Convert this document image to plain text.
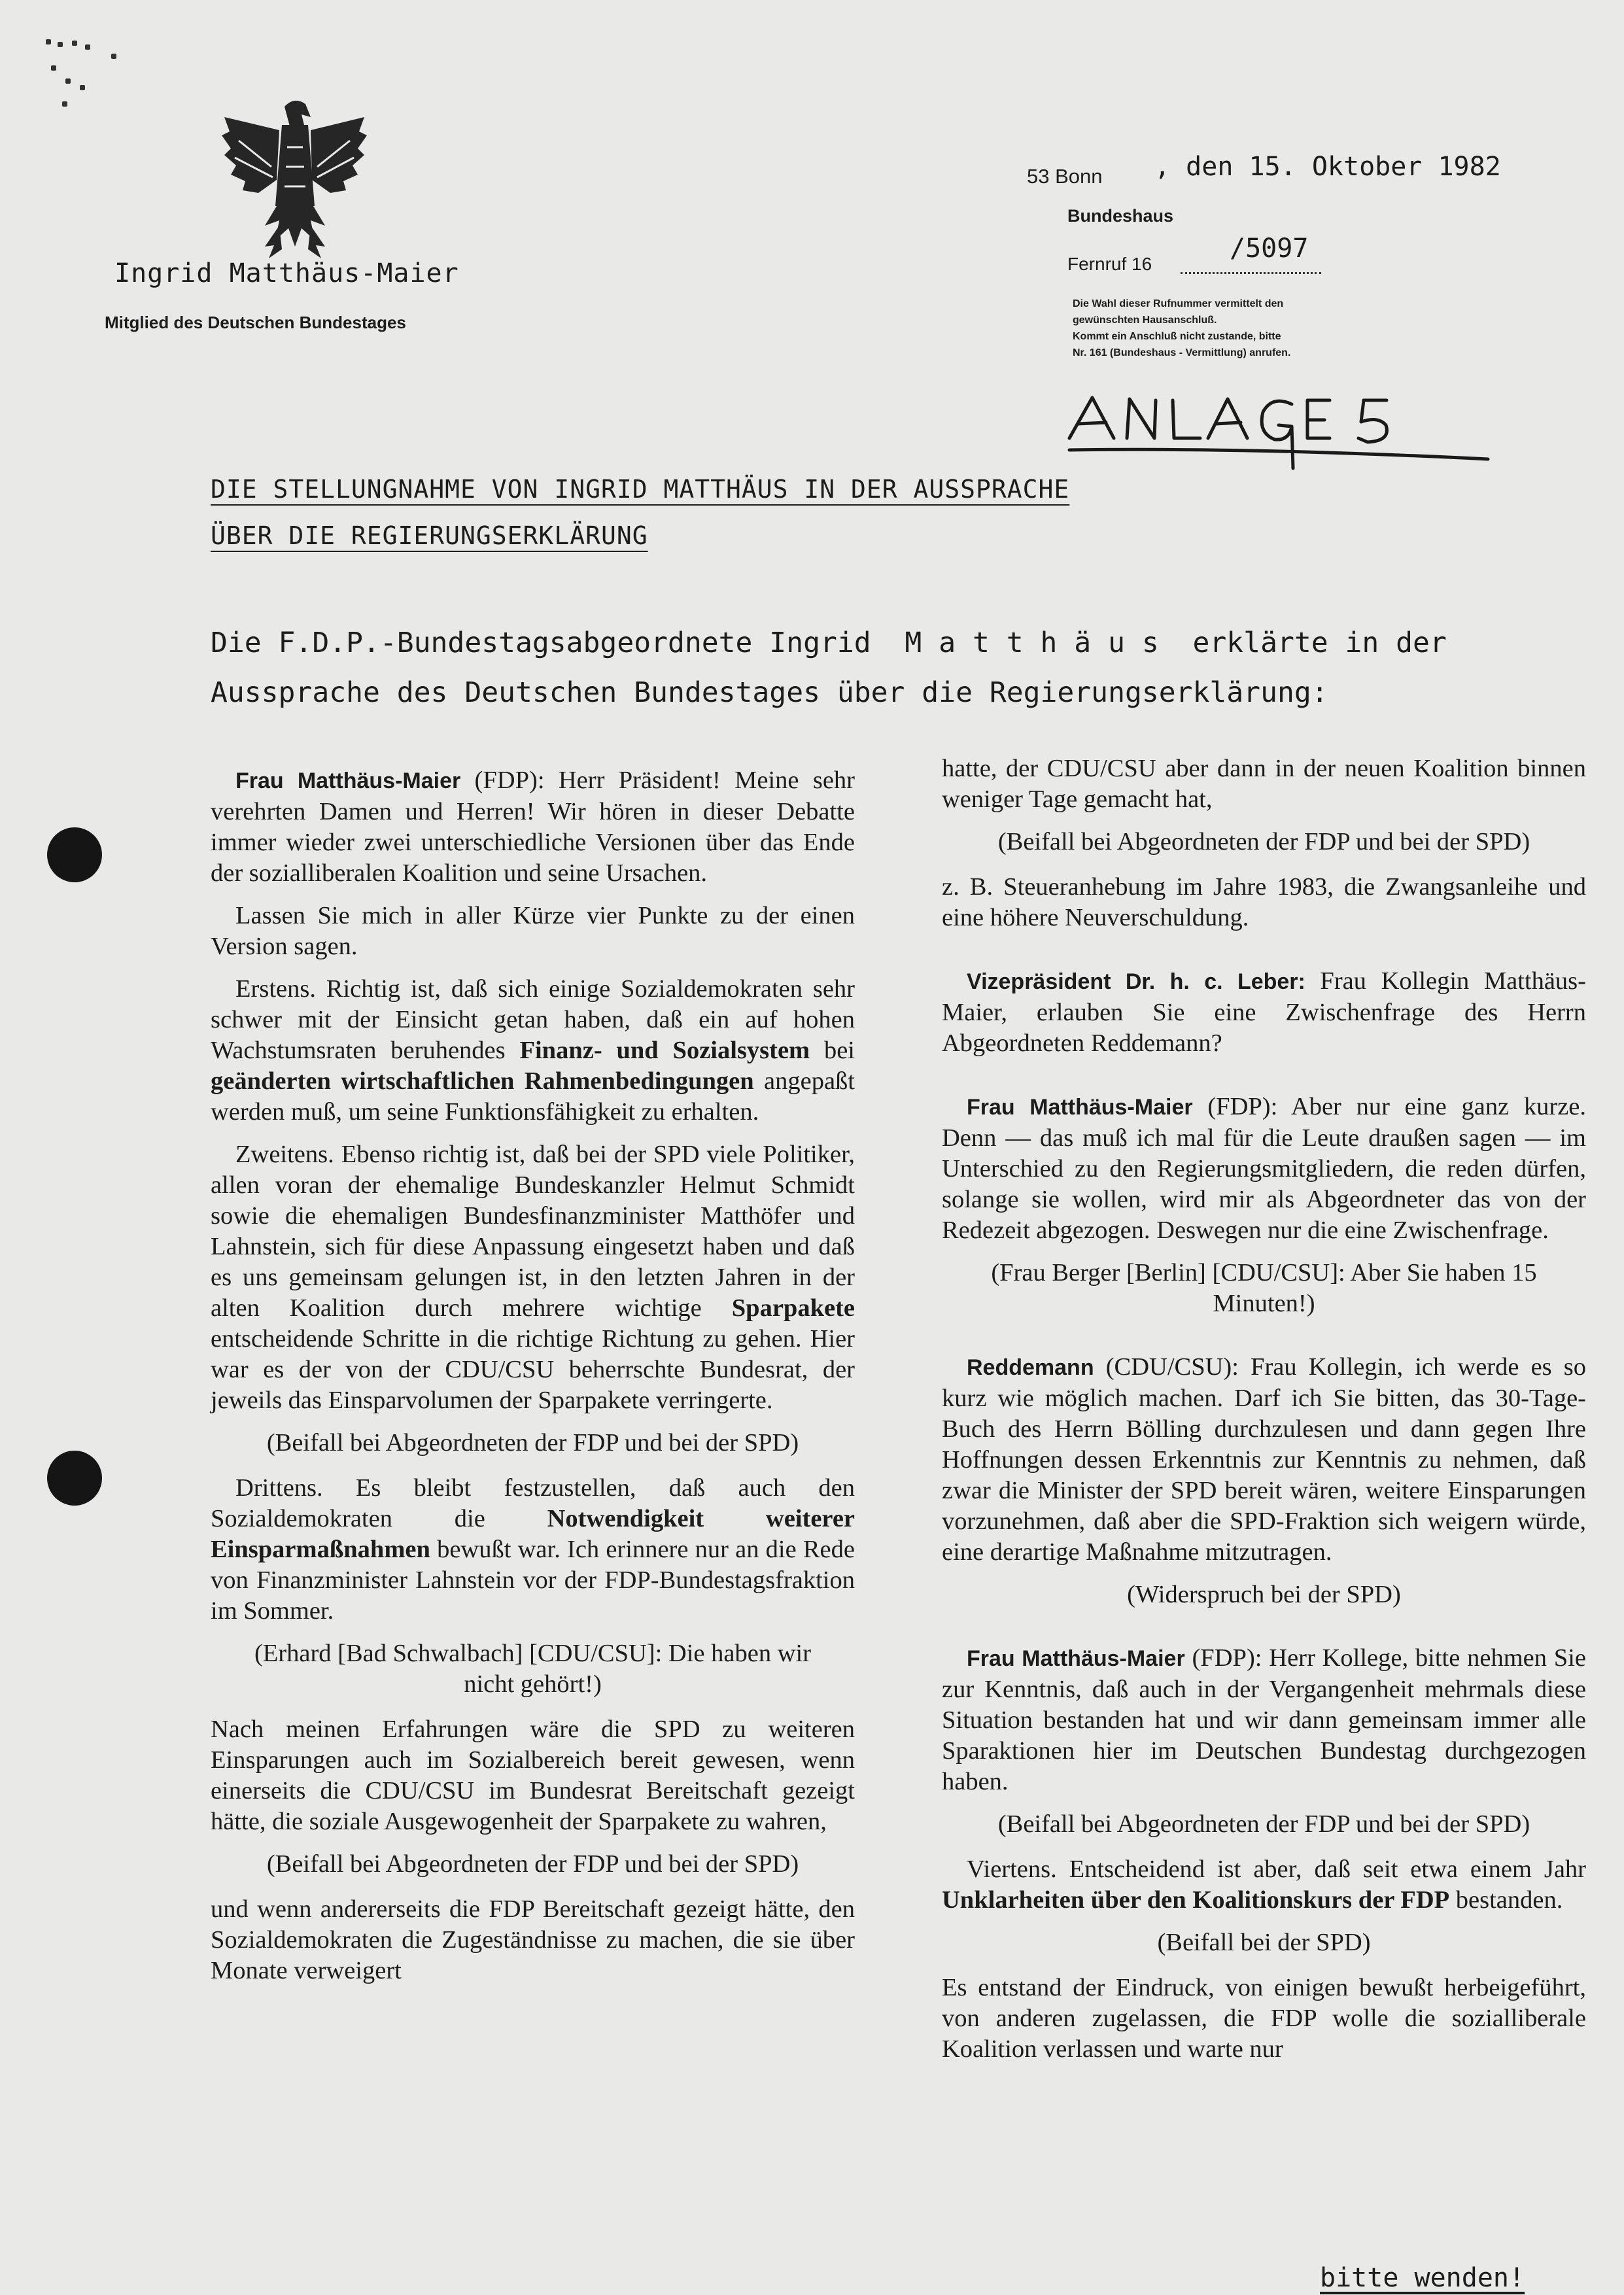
Ingrid Matthäus-Maier
Mitglied des Deutschen Bundestages
53 Bonn , den 15. Oktober 1982
Bundeshaus
Fernruf 16
/5097
Die Wahl dieser Rufnummer vermittelt den
gewünschten Hausanschluß.
Kommt ein Anschluß nicht zustande, bitte
Nr. 161 (Bundeshaus - Vermittlung) anrufen.
DIE STELLUNGNAHME VON INGRID MATTHÄUS IN DER AUSSPRACHE
ÜBER DIE REGIERUNGSERKLÄRUNG
Die F.D.P.-Bundestagsabgeordnete Ingrid  M a t t h ä u s  erklärte in der
Aussprache des Deutschen Bundestages über die Regierungserklärung:

Frau Matthäus-Maier (FDP): Herr Präsident! Meine sehr verehrten Damen und Herren! Wir hören in dieser Debatte immer wieder zwei unterschiedliche Versionen über das Ende der sozialliberalen Koalition und seine Ursachen.

Lassen Sie mich in aller Kürze vier Punkte zu der einen Version sagen.

Erstens. Richtig ist, daß sich einige Sozialdemokraten sehr schwer mit der Einsicht getan haben, daß ein auf hohen Wachstumsraten beruhendes Finanz- und Sozialsystem bei geänderten wirtschaftlichen Rahmenbedingungen angepaßt werden muß, um seine Funktionsfähigkeit zu erhalten.

Zweitens. Ebenso richtig ist, daß bei der SPD viele Politiker, allen voran der ehemalige Bundeskanzler Helmut Schmidt sowie die ehemaligen Bundesfinanzminister Matthöfer und Lahnstein, sich für diese Anpassung eingesetzt haben und daß es uns gemeinsam gelungen ist, in den letzten Jahren in der alten Koalition durch mehrere wichtige Sparpakete entscheidende Schritte in die richtige Richtung zu gehen. Hier war es der von der CDU/CSU beherrschte Bundesrat, der jeweils das Einsparvolumen der Sparpakete verringerte.

(Beifall bei Abgeordneten der FDP und bei der SPD)

Drittens. Es bleibt festzustellen, daß auch den Sozialdemokraten die Notwendigkeit weiterer Einsparmaßnahmen bewußt war. Ich erinnere nur an die Rede von Finanzminister Lahnstein vor der FDP-Bundestagsfraktion im Sommer.

(Erhard [Bad Schwalbach] [CDU/CSU]: Die haben wir nicht gehört!)

Nach meinen Erfahrungen wäre die SPD zu weiteren Einsparungen auch im Sozialbereich bereit gewesen, wenn einerseits die CDU/CSU im Bundesrat Bereitschaft gezeigt hätte, die soziale Ausgewogenheit der Sparpakete zu wahren,

(Beifall bei Abgeordneten der FDP und bei der SPD)

und wenn andererseits die FDP Bereitschaft gezeigt hätte, den Sozialdemokraten die Zugeständnisse zu machen, die sie über Monate verweigert

hatte, der CDU/CSU aber dann in der neuen Koalition binnen weniger Tage gemacht hat,

(Beifall bei Abgeordneten der FDP und bei der SPD)

z. B. Steueranhebung im Jahre 1983, die Zwangsanleihe und eine höhere Neuverschuldung.

Vizepräsident Dr. h. c. Leber: Frau Kollegin Matthäus-Maier, erlauben Sie eine Zwischenfrage des Herrn Abgeordneten Reddemann?

Frau Matthäus-Maier (FDP): Aber nur eine ganz kurze. Denn — das muß ich mal für die Leute draußen sagen — im Unterschied zu den Regierungsmitgliedern, die reden dürfen, solange sie wollen, wird mir als Abgeordneter das von der Redezeit abgezogen. Deswegen nur die eine Zwischenfrage.

(Frau Berger [Berlin] [CDU/CSU]: Aber Sie haben 15 Minuten!)

Reddemann (CDU/CSU): Frau Kollegin, ich werde es so kurz wie möglich machen. Darf ich Sie bitten, das 30-Tage-Buch des Herrn Bölling durchzulesen und dann gegen Ihre Hoffnungen dessen Erkenntnis zur Kenntnis zu nehmen, daß zwar die Minister der SPD bereit wären, weitere Einsparungen vorzunehmen, daß aber die SPD-Fraktion sich weigern würde, eine derartige Maßnahme mitzutragen.

(Widerspruch bei der SPD)

Frau Matthäus-Maier (FDP): Herr Kollege, bitte nehmen Sie zur Kenntnis, daß auch in der Vergangenheit mehrmals diese Situation bestanden hat und wir dann gemeinsam immer alle Sparaktionen hier im Deutschen Bundestag durchgezogen haben.

(Beifall bei Abgeordneten der FDP und bei der SPD)

Viertens. Entscheidend ist aber, daß seit etwa einem Jahr Unklarheiten über den Koalitionskurs der FDP bestanden.

(Beifall bei der SPD)

Es entstand der Eindruck, von einigen bewußt herbeigeführt, von anderen zugelassen, die FDP wolle die sozialliberale Koalition verlassen und warte nur

bitte wenden!
